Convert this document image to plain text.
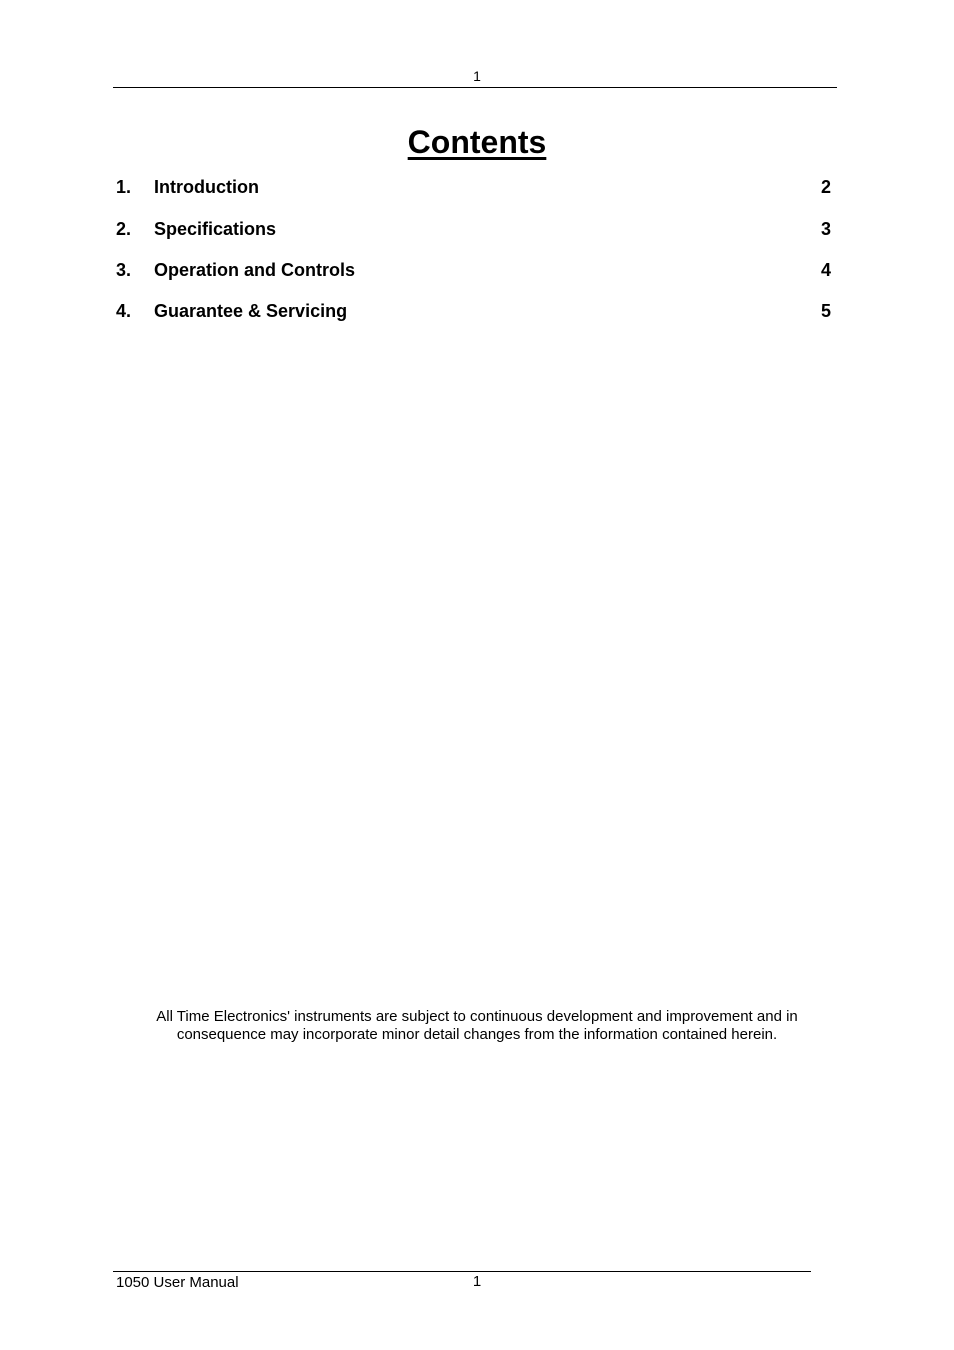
1
Contents
1.	Introduction	2
2.	Specifications	3
3.	Operation and Controls	4
4.	Guarantee & Servicing	5
All Time Electronics' instruments are subject to continuous development and improvement and in
consequence may incorporate minor detail changes from the information contained herein.
1050 User Manual	1
